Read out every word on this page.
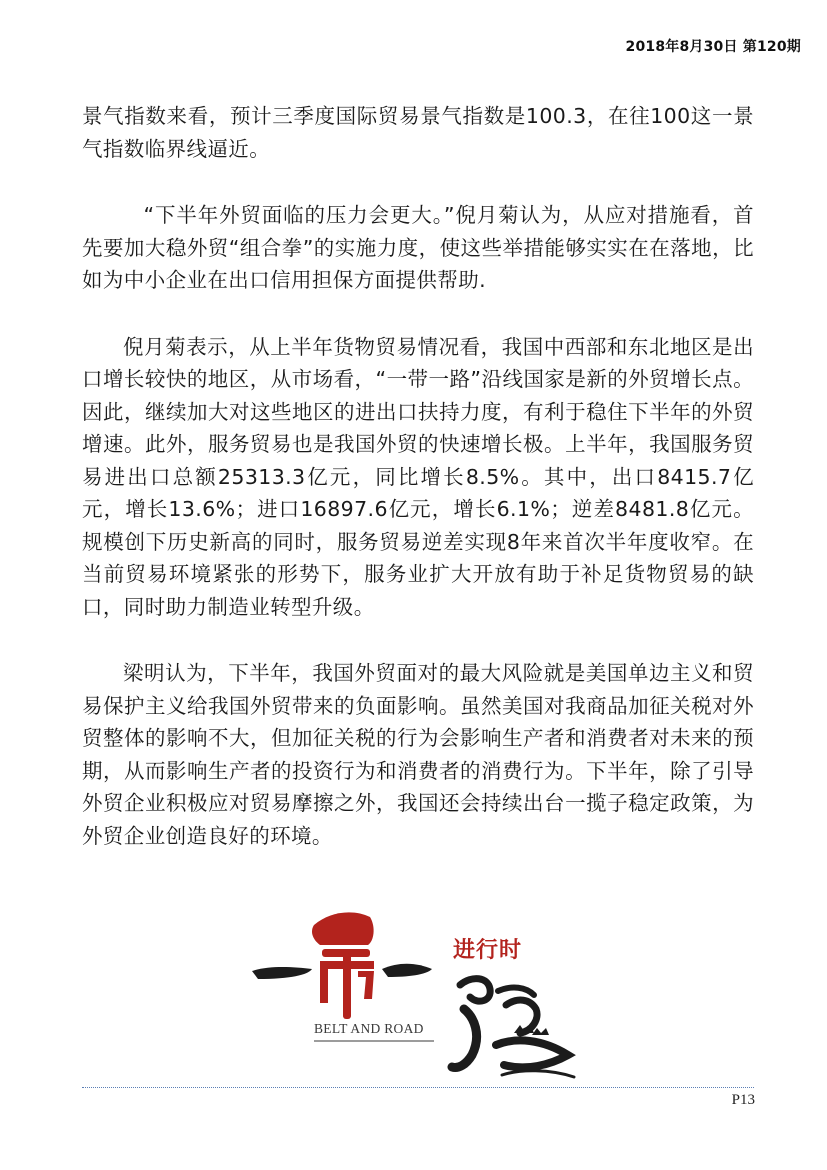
2018年8月30日 第120期

景气指数来看，预计三季度国际贸易景气指数是100.3，在往100这一景气指数临界线逼近。

“下半年外贸面临的压力会更大。”倪月菊认为，从应对措施看，首先要加大稳外贸“组合拳”的实施力度，使这些举措能够实实在在落地，比如为中小企业在出口信用担保方面提供帮助.

倪月菊表示，从上半年货物贸易情况看，我国中西部和东北地区是出口增长较快的地区，从市场看，“一带一路”沿线国家是新的外贸增长点。因此，继续加大对这些地区的进出口扶持力度，有利于稳住下半年的外贸增速。此外，服务贸易也是我国外贸的快速增长极。上半年，我国服务贸易进出口总额25313.3亿元，同比增长8.5%。其中，出口8415.7亿元，增长13.6%；进口16897.6亿元，增长6.1%；逆差8481.8亿元。规模创下历史新高的同时，服务贸易逆差实现8年来首次半年度收窄。在当前贸易环境紧张的形势下，服务业扩大开放有助于补足货物贸易的缺口，同时助力制造业转型升级。

梁明认为，下半年，我国外贸面对的最大风险就是美国单边主义和贸易保护主义给我国外贸带来的负面影响。虽然美国对我商品加征关税对外贸整体的影响不大，但加征关税的行为会影响生产者和消费者对未来的预期，从而影响生产者的投资行为和消费者的消费行为。下半年，除了引导外贸企业积极应对贸易摩擦之外，我国还会持续出台一揽子稳定政策，为外贸企业创造良好的环境。

进行时
BELT AND ROAD
P13
